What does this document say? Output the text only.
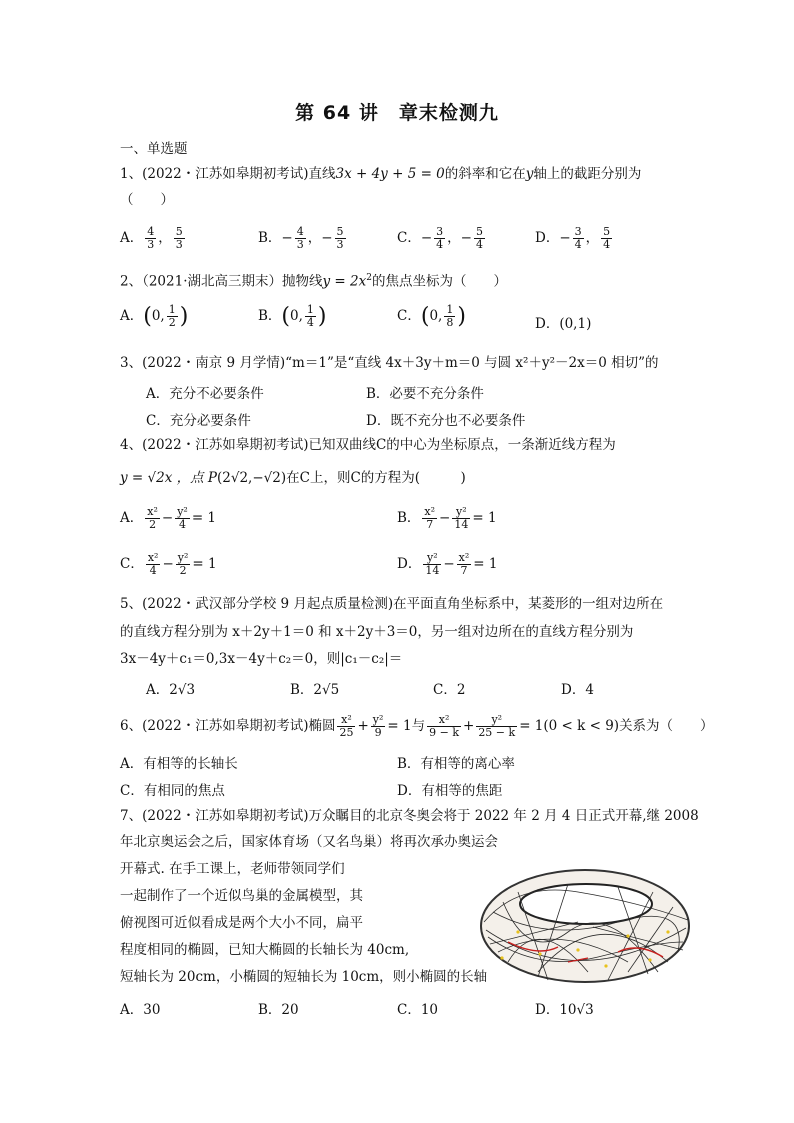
第 64 讲　章末检测九
一、单选题
1、(2022・江苏如皋期初考试)直线3x + 4y + 5 = 0的斜率和它在y轴上的截距分别为
（　　）
A． $\frac{4}{3}$ ， $\frac{5}{3}$	B．− $\frac{4}{3}$ ，− $\frac{5}{3}$	C．− $\frac{3}{4}$ ，− $\frac{5}{4}$	D．− $\frac{3}{4}$ ， $\frac{5}{4}$
2、（2021·湖北高三期末）抛物线$y = 2x^2$的焦点坐标为（　　）
A．(0, $\frac{1}{2}$ )	B．(0, $\frac{1}{4}$ )	C．(0, $\frac{1}{8}$ )	D．(0,1)
3、(2022・南京 9 月学情)“m＝1”是“直线 4x＋3y＋m＝0 与圆 x²＋y²－2x＝0 相切”的
A．充分不必要条件	B．必要不充分条件
C．充分必要条件	D．既不充分也不必要条件
4、(2022・江苏如皋期初考试)已知双曲线C的中心为坐标原点，一条渐近线方程为
y = √2x ，点 P(2√2,−√2)在C上，则C的方程为(　　　)
A． $\frac{\text{x²}}{2} - \frac{\text{y²}}{4} = 1$	B． $\frac{\text{x²}}{7} - \frac{\text{y²}}{14} = 1$
C． $\frac{\text{x²}}{4} - \frac{\text{y²}}{2} = 1$	D． $\frac{\text{y²}}{14} - \frac{\text{x²}}{7} = 1$
5、(2022・武汉部分学校 9 月起点质量检测)在平面直角坐标系中，某菱形的一组对边所在
的直线方程分别为 x＋2y＋1＝0 和 x＋2y＋3＝0，另一组对边所在的直线方程分别为
3x－4y＋c₁＝0,3x－4y＋c₂＝0，则|c₁－c₂|＝
A．2√3	B．2√5	C．2	D．4
6、(2022・江苏如皋期初考试)椭圆 $\frac{\text{x²}}{25} + \frac{\text{y²}}{9} = 1$与 $\frac{\text{x²}}{9 - k} + \frac{\text{y²}}{25 - k} = 1(0 < k < 9)$关系为（　　）
A．有相等的长轴长	B．有相等的离心率
C．有相同的焦点	D．有相等的焦距
7、(2022・江苏如皋期初考试)万众瞩目的北京冬奥会将于 2022 年 2 月 4 日正式开幕,继 2008
年北京奥运会之后，国家体育场（又名鸟巢）将再次承办奥运会
开幕式. 在手工课上，老师带领同学们
一起制作了一个近似鸟巢的金属模型，其
俯视图可近似看成是两个大小不同，扁平
程度相同的椭圆，已知大椭圆的长轴长为 40cm,
短轴长为 20cm，小椭圆的短轴长为 10cm，则小椭圆的长轴
A．30	B．20	C．10	D．10√3
